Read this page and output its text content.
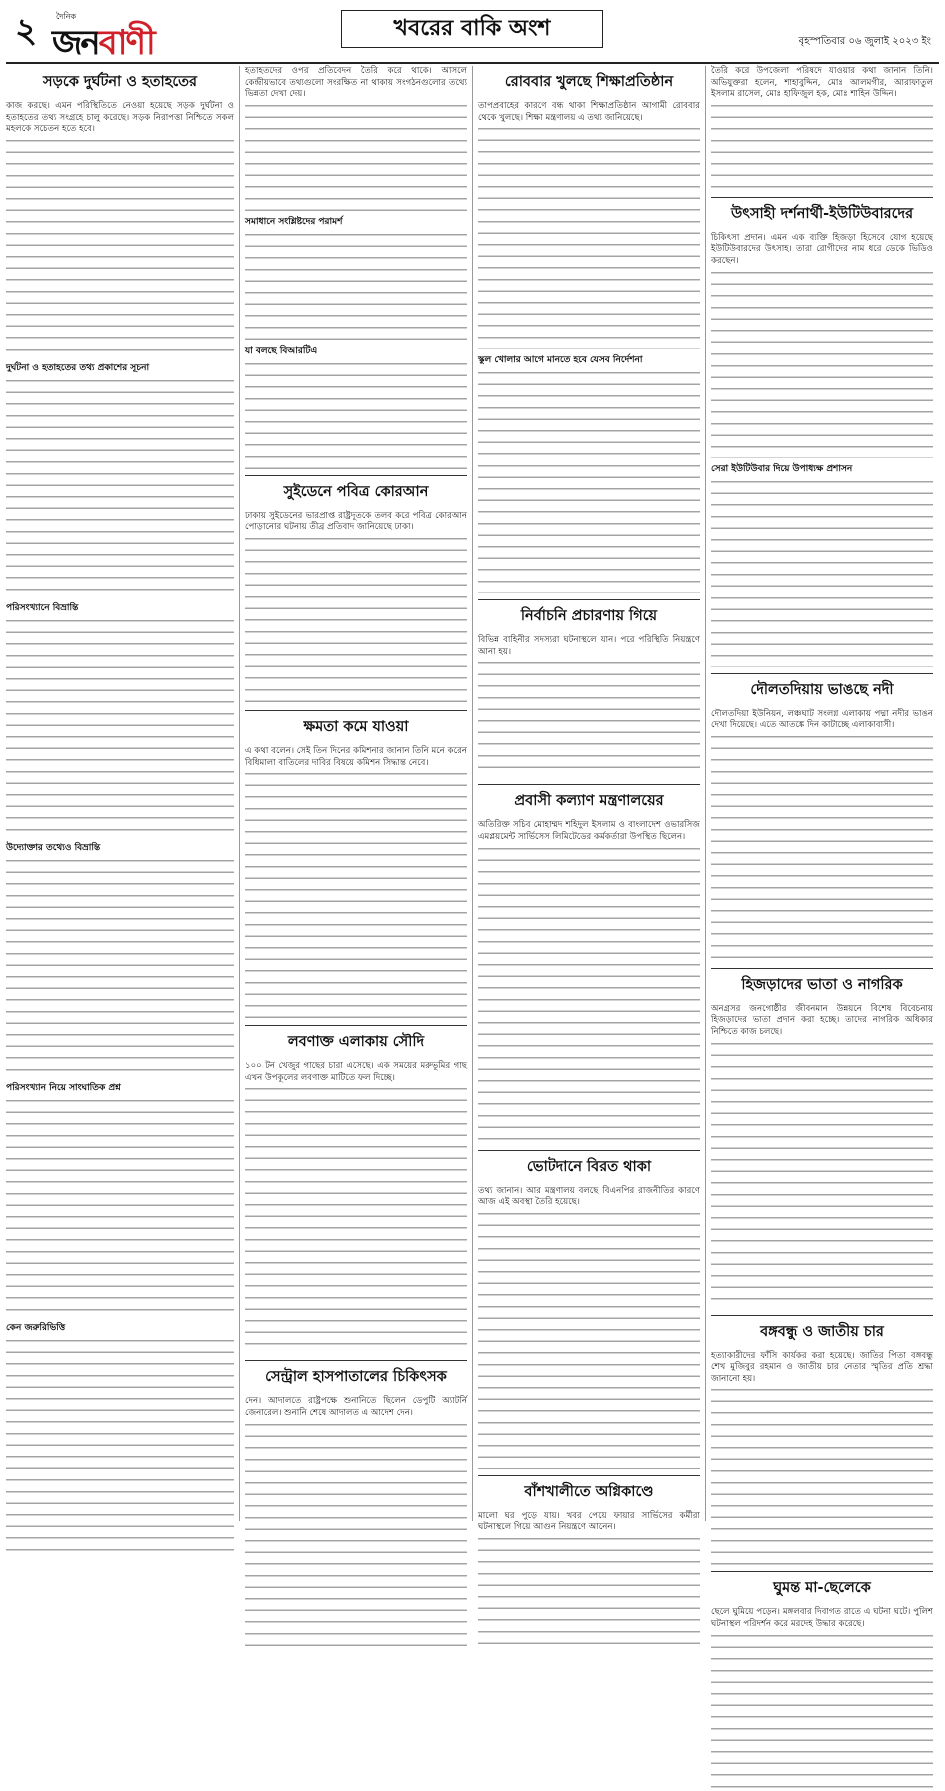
২	দৈনিক
জনবাণী	খবরের বাকি অংশ
বৃহস্পতিবার ০৬ জুলাই ২০২৩ ইং
সড়কে দুর্ঘটনা ও হতাহতের

কাজ করছে। এমন পরিস্থিতিতে নেওয়া হয়েছে সড়ক দুর্ঘটনা ও হতাহতের তথ্য সংগ্রহে চালু করেছে। সড়ক নিরাপত্তা নিশ্চিতে সকল মহলকে সচেতন হতে হবে।

দুর্ঘটনা ও হতাহতের তথ্য প্রকাশের সূচনা
পরিসংখ্যানে বিভ্রান্তি
উদ্যোক্তার তথ্যেও বিভ্রান্তি
পরিসংখ্যান নিয়ে সাংঘাতিক প্রশ্ন
কেন জরুরিভিত্তি

হতাহতদের ওপর প্রতিবেদন তৈরি করে থাকে। আসলে কেন্দ্রীয়ভাবে তথ্যগুলো সংরক্ষিত না থাকায় সংগঠনগুলোর তথ্যে ভিন্নতা দেখা দেয়।

সমাধানে সংশ্লিষ্টদের পরামর্শ
যা বলছে বিআরটিএ
সুইডেনে পবিত্র কোরআন

ঢাকায় সুইডেনের ভারপ্রাপ্ত রাষ্ট্রদূতকে তলব করে পবিত্র কোরআন পোড়ানোর ঘটনায় তীব্র প্রতিবাদ জানিয়েছে ঢাকা।

ক্ষমতা কমে যাওয়া

এ কথা বলেন। সেই তিন দিনের কমিশনার জানান তিনি মনে করেন বিধিমালা বাতিলের দাবির বিষয়ে কমিশন সিদ্ধান্ত নেবে।

লবণাক্ত এলাকায় সৌদি

১০০ টন খেজুর গাছের চারা এসেছে। এক সময়ের মরুভূমির গাছ এখন উপকূলের লবণাক্ত মাটিতে ফল দিচ্ছে।

সেন্ট্রাল হাসপাতালের চিকিৎসক

দেন। আদালতে রাষ্ট্রপক্ষে শুনানিতে ছিলেন ডেপুটি অ্যাটর্নি জেনারেল। শুনানি শেষে আদালত এ আদেশ দেন।

রোববার খুলছে শিক্ষাপ্রতিষ্ঠান

তাপপ্রবাহের কারণে বন্ধ থাকা শিক্ষাপ্রতিষ্ঠান আগামী রোববার থেকে খুলছে। শিক্ষা মন্ত্রণালয় এ তথ্য জানিয়েছে।

স্কুল খোলার আগে মানতে হবে যেসব নির্দেশনা
নির্বাচনি প্রচারণায় গিয়ে

বিভিন্ন বাহিনীর সদস্যরা ঘটনাস্থলে যান। পরে পরিস্থিতি নিয়ন্ত্রণে আনা হয়।

প্রবাসী কল্যাণ মন্ত্রণালয়ের

অতিরিক্ত সচিব মোহাম্মদ শহিদুল ইসলাম ও বাংলাদেশ ওভারসিজ এমপ্লয়মেন্ট সার্ভিসেস লিমিটেডের কর্মকর্তারা উপস্থিত ছিলেন।

ভোটদানে বিরত থাকা

তথ্য জানান। আর মন্ত্রণালয় বলছে বিএনপির রাজনীতির কারণে আজ এই অবস্থা তৈরি হয়েছে।

বাঁশখালীতে অগ্নিকাণ্ডে

মালো ঘর পুড়ে যায়। খবর পেয়ে ফায়ার সার্ভিসের কর্মীরা ঘটনাস্থলে গিয়ে আগুন নিয়ন্ত্রণে আনেন।

তৈরি করে উপজেলা পরিষদে যাওয়ার কথা জানান তিনি। অভিযুক্তরা হলেন, শাহাবুদ্দিন, মোঃ আলমগীর, আরাফাতুল ইসলাম রাসেল, মোঃ হাফিজুল হক, মোঃ শাহিন উদ্দিন।

উৎসাহী দর্শনার্থী-ইউটিউবারদের

চিকিৎসা প্রদান। এমন এক ব্যক্তি হিজড়া হিসেবে যোগ হয়েছে ইউটিউবারদের উৎসাহ। তারা রোগীদের নাম ধরে ডেকে ভিডিও করছেন।

সেরা ইউটিউবার দিয়ে উপাধ্যক্ষ প্রশাসন
দৌলতদিয়ায় ভাঙছে নদী

দৌলতদিয়া ইউনিয়ন, লঞ্চঘাট সংলগ্ন এলাকায় পদ্মা নদীর ভাঙন দেখা দিয়েছে। এতে আতঙ্কে দিন কাটাচ্ছে এলাকাবাসী।

হিজড়াদের ভাতা ও নাগরিক

অনগ্রসর জনগোষ্ঠীর জীবনমান উন্নয়নে বিশেষ বিবেচনায় হিজড়াদের ভাতা প্রদান করা হচ্ছে। তাদের নাগরিক অধিকার নিশ্চিতে কাজ চলছে।

বঙ্গবন্ধু ও জাতীয় চার

হত্যাকারীদের ফাঁসি কার্যকর করা হয়েছে। জাতির পিতা বঙ্গবন্ধু শেখ মুজিবুর রহমান ও জাতীয় চার নেতার স্মৃতির প্রতি শ্রদ্ধা জানানো হয়।

ঘুমন্ত মা-ছেলেকে

ছেলে ঘুমিয়ে পড়েন। মঙ্গলবার দিবাগত রাতে এ ঘটনা ঘটে। পুলিশ ঘটনাস্থল পরিদর্শন করে মরদেহ উদ্ধার করেছে।
